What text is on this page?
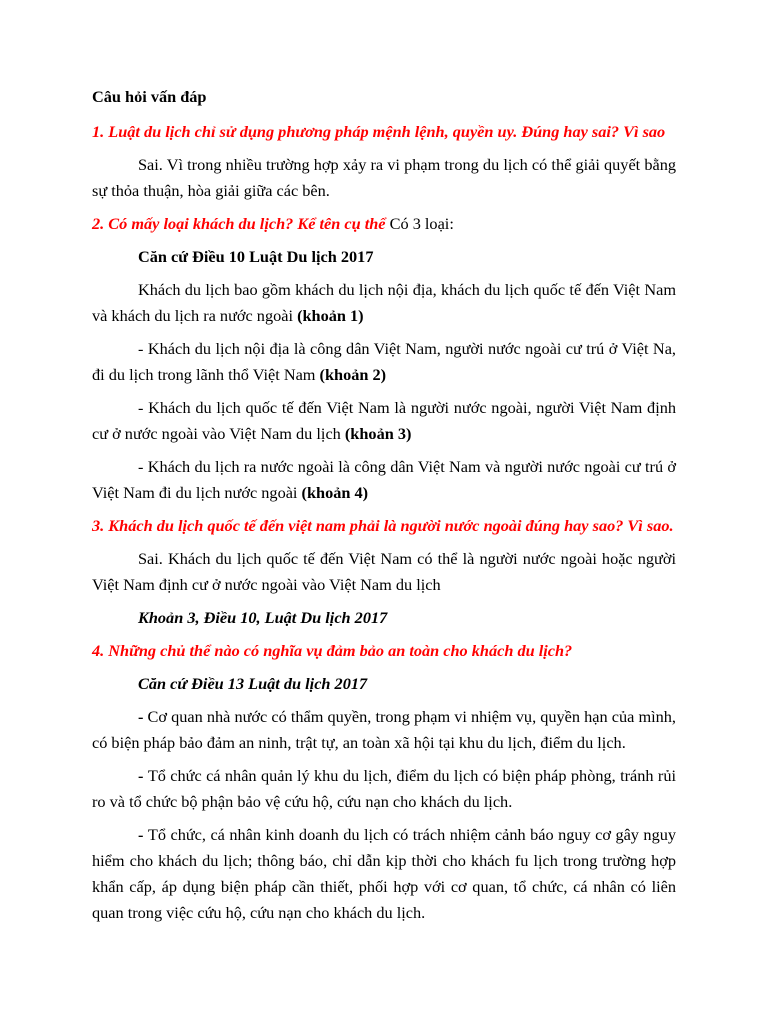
Câu hỏi vấn đáp

1. Luật du lịch chỉ sử dụng phương pháp mệnh lệnh, quyền uy. Đúng hay sai? Vì sao

Sai. Vì trong nhiều trường hợp xảy ra vi phạm trong du lịch có thể giải quyết bằng sự thỏa thuận, hòa giải giữa các bên.

2. Có mấy loại khách du lịch? Kể tên cụ thể Có 3 loại:

Căn cứ Điều 10 Luật Du lịch 2017

Khách du lịch bao gồm khách du lịch nội địa, khách du lịch quốc tế đến Việt Nam và khách du lịch ra nước ngoài (khoản 1)

- Khách du lịch nội địa là công dân Việt Nam, người nước ngoài cư trú ở Việt Na, đi du lịch trong lãnh thổ Việt Nam (khoản 2)

- Khách du lịch quốc tế đến Việt Nam là người nước ngoài, người Việt Nam định cư ở nước ngoài vào Việt Nam du lịch (khoản 3)

- Khách du lịch ra nước ngoài là công dân Việt Nam và người nước ngoài cư trú ở Việt Nam đi du lịch nước ngoài (khoản 4)

3. Khách du lịch quốc tế đến việt nam phải là người nước ngoài đúng hay sao? Vì sao.

Sai. Khách du lịch quốc tế đến Việt Nam có thể là người nước ngoài hoặc người Việt Nam định cư ở nước ngoài vào Việt Nam du lịch

Khoản 3, Điều 10, Luật Du lịch 2017

4. Những chủ thể nào có nghĩa vụ đảm bảo an toàn cho khách du lịch?

Căn cứ Điều 13 Luật du lịch 2017

- Cơ quan nhà nước có thẩm quyền, trong phạm vi nhiệm vụ, quyền hạn của mình, có biện pháp bảo đảm an ninh, trật tự, an toàn xã hội tại khu du lịch, điểm du lịch.

- Tổ chức cá nhân quản lý khu du lịch, điểm du lịch có biện pháp phòng, tránh rủi ro và tổ chức bộ phận bảo vệ cứu hộ, cứu nạn cho khách du lịch.

- Tổ chức, cá nhân kinh doanh du lịch có trách nhiệm cảnh báo nguy cơ gây nguy hiểm cho khách du lịch; thông báo, chỉ dẫn kịp thời cho khách fu lịch trong trường hợp khẩn cấp, áp dụng biện pháp cần thiết, phối hợp với cơ quan, tổ chức, cá nhân có liên quan trong việc cứu hộ, cứu nạn cho khách du lịch.
